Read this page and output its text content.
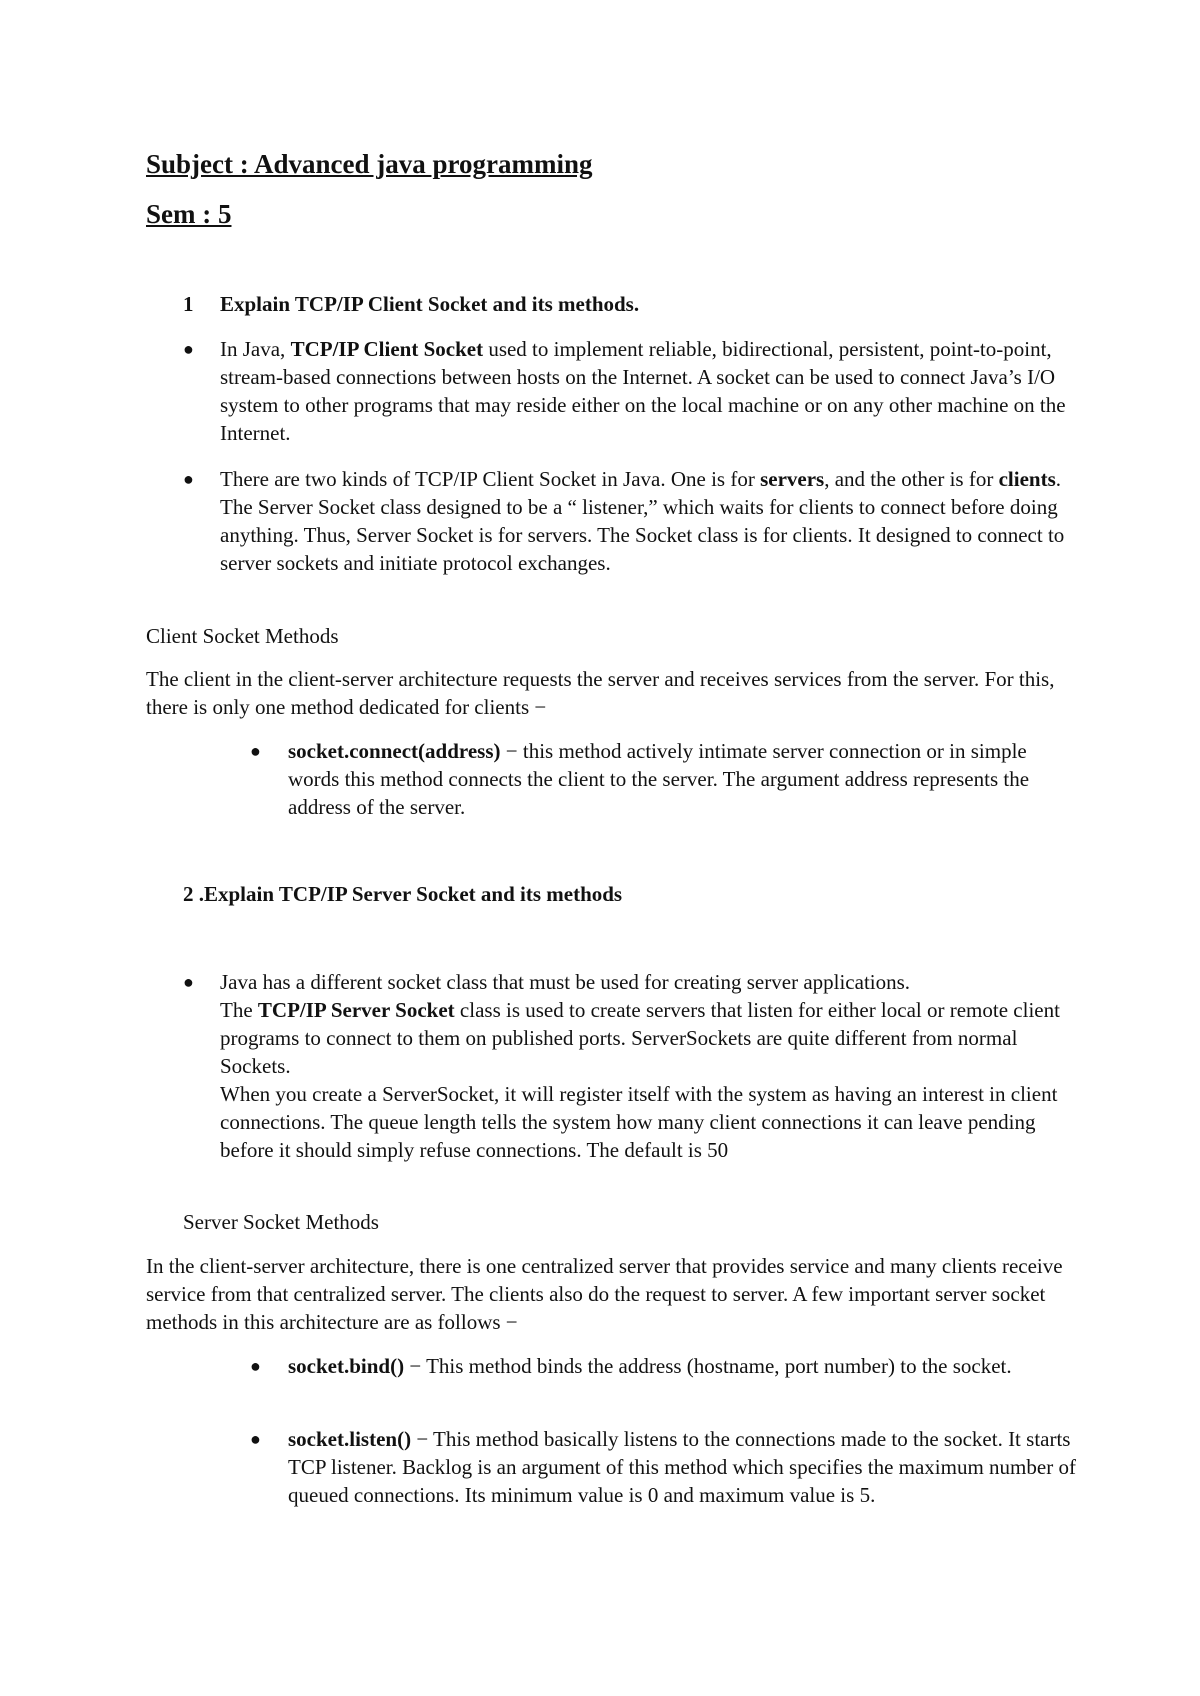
Subject : Advanced java programming
Sem : 5
1 Explain TCP/IP Client Socket and its methods.
● In Java, TCP/IP Client Socket used to implement reliable, bidirectional, persistent, point-to-point, stream-based connections between hosts on the Internet. A socket can be used to connect Java’s I/O system to other programs that may reside either on the local machine or on any other machine on the Internet.

● There are two kinds of TCP/IP Client Socket in Java. One is for servers, and the other is for clients. The Server Socket class designed to be a “ listener,” which waits for clients to connect before doing anything. Thus, Server Socket is for servers. The Socket class is for clients. It designed to connect to server sockets and initiate protocol exchanges.

Client Socket Methods

The client in the client-server architecture requests the server and receives services from the server. For this, there is only one method dedicated for clients −

● socket.connect(address) − this method actively intimate server connection or in simple words this method connects the client to the server. The argument address represents the address of the server.

2 .Explain TCP/IP Server Socket and its methods
● Java has a different socket class that must be used for creating server applications.
The TCP/IP Server Socket class is used to create servers that listen for either local or remote client programs to connect to them on published ports. ServerSockets are quite different from normal Sockets.
When you create a ServerSocket, it will register itself with the system as having an interest in client connections. The queue length tells the system how many client connections it can leave pending before it should simply refuse connections. The default is 50

Server Socket Methods

In the client-server architecture, there is one centralized server that provides service and many clients receive service from that centralized server. The clients also do the request to server. A few important server socket methods in this architecture are as follows −

● socket.bind() − This method binds the address (hostname, port number) to the socket.

● socket.listen() − This method basically listens to the connections made to the socket. It starts TCP listener. Backlog is an argument of this method which specifies the maximum number of queued connections. Its minimum value is 0 and maximum value is 5.
